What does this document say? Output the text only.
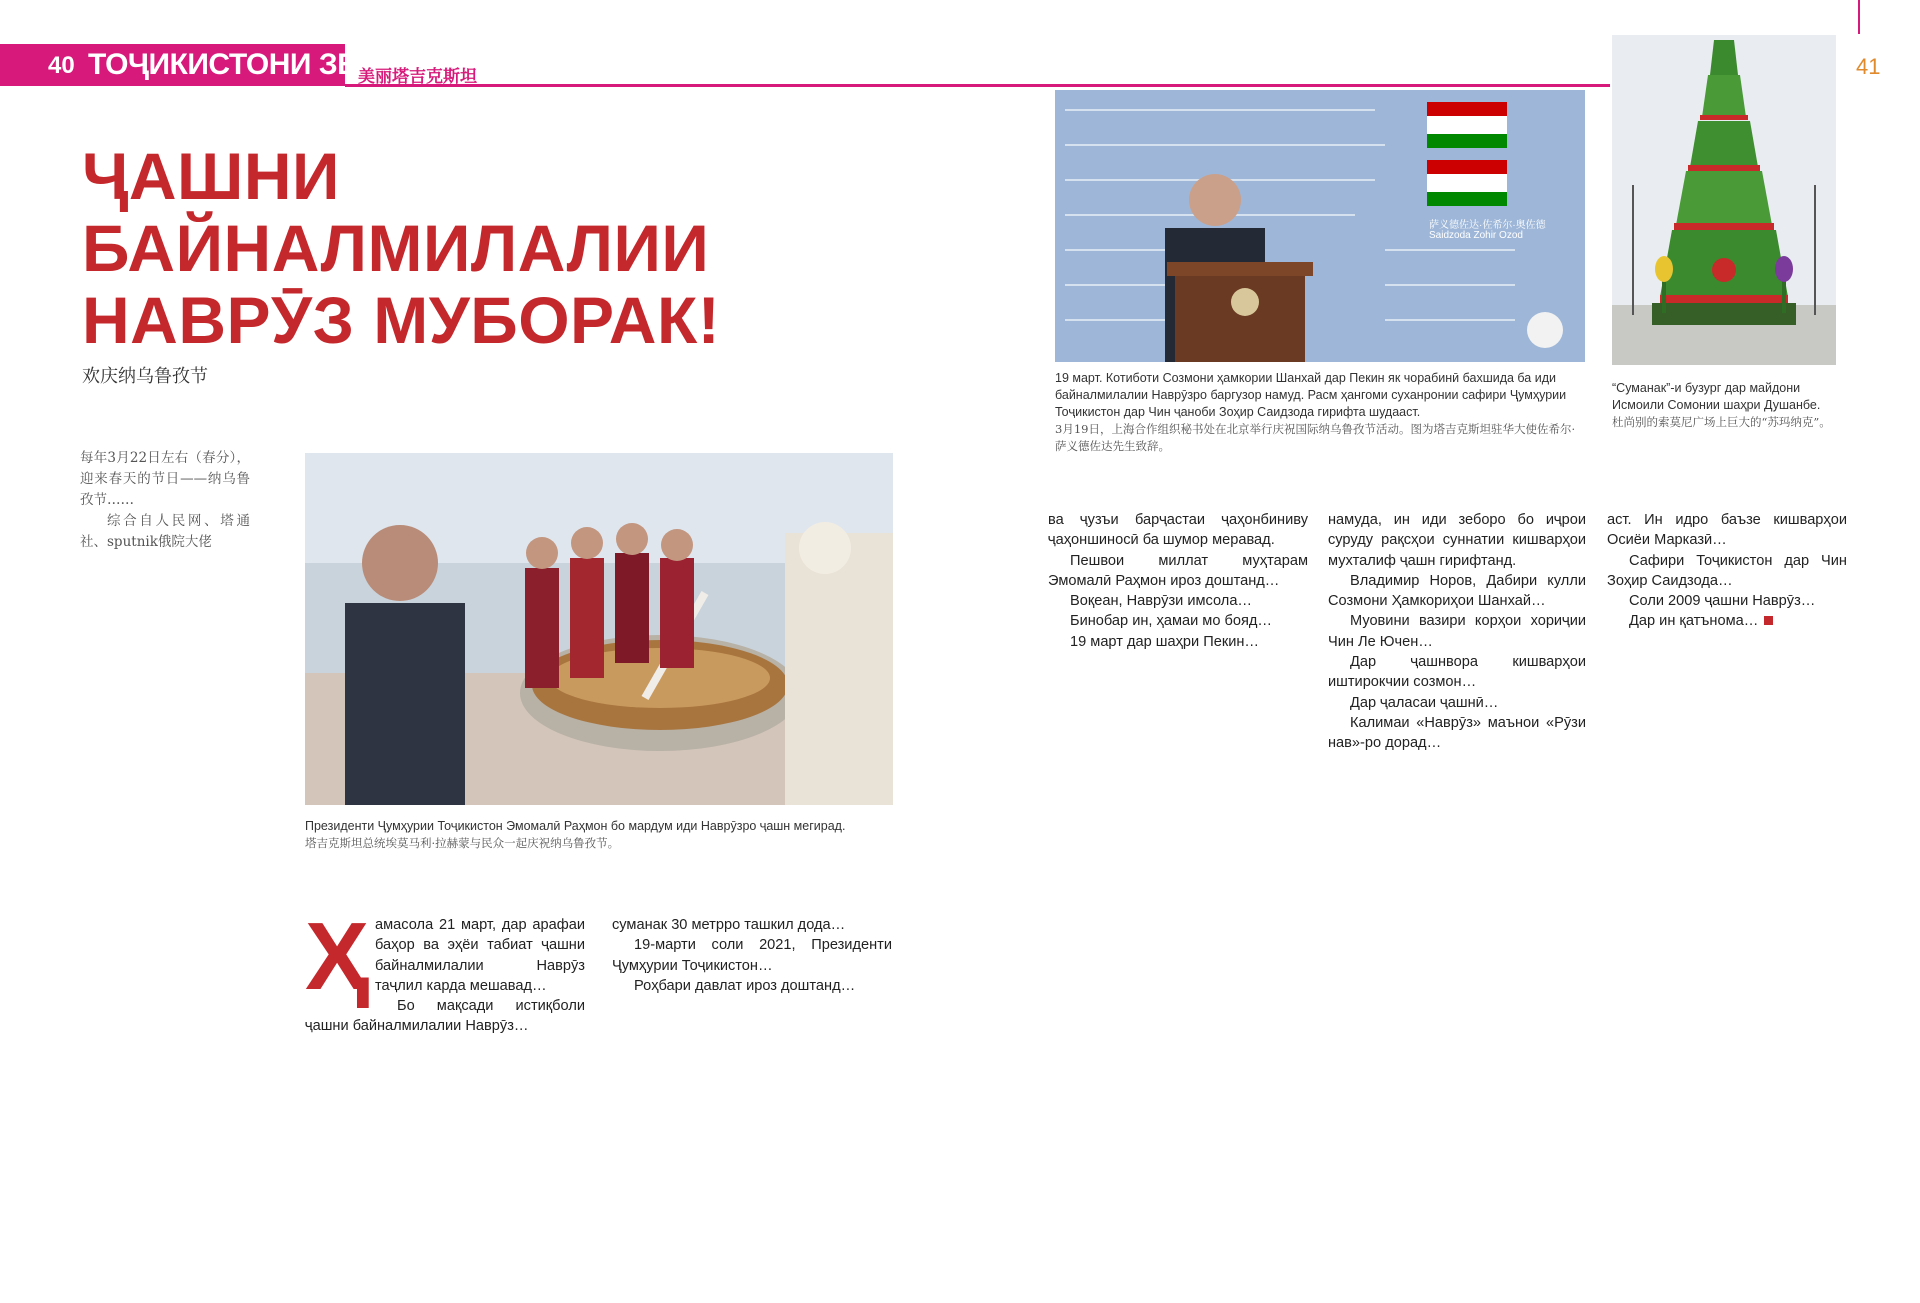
40 ТОҶИКИСТОНИ ЗЕБО
美丽塔吉克斯坦	41
ҶАШНИ
БАЙНАЛМИЛАЛИИ
НАВРӮЗ МУБОРАК!
欢庆纳乌鲁孜节

每年3月22日左右（春分），迎来春天的节日——纳乌鲁孜节……

综合自人民网、塔通社、sputnik俄院大佬

Президенти Ҷумҳурии Тоҷикистон Эмомалӣ Раҳмон бо мардум иди Наврӯзро ҷашн мегирад.
塔吉克斯坦总统埃莫马利·拉赫蒙与民众一起庆祝纳乌鲁孜节。
萨义德佐达·佐希尔·奥佐德
Saidzoda Zohir Ozod
19 март. Котиботи Созмони ҳамкории Шанхай дар Пекин як чорабинӣ бахшида ба иди байналмилалии Наврӯзро баргузор намуд. Расм ҳангоми суханронии сафири Ҷумҳурии Тоҷикистон дар Чин ҷаноби Зоҳир Саидзода гирифта шудааст.
3月19日，上海合作组织秘书处在北京举行庆祝国际纳乌鲁孜节活动。图为塔吉克斯坦驻华大使佐希尔·萨义德佐达先生致辞。
“Суманак”-и бузург дар майдони Исмоили Сомонии шаҳри Душанбе.
杜尚别的索莫尼广场上巨大的“苏玛纳克”。
Ҳ амасола 21 март, дар арафаи баҳор ва эҳёи табиат ҷашни байналмилалии Наврӯз таҷлил карда мешавад…

Бо мақсади истиқболи ҷашни байналмилалии Наврӯз…

суманак 30 метрро ташкил дода…

19-марти соли 2021, Президенти Ҷумҳурии Тоҷикистон…

Роҳбари давлат ироз доштанд…

ва ҷузъи барҷастаи ҷаҳонбиниву ҷаҳоншиносӣ ба шумор меравад.

Пешвои миллат муҳтарам Эмомалӣ Раҳмон ироз доштанд…

Воқеан, Наврӯзи имсола…

Бинобар ин, ҳамаи мо бояд…

19 март дар шаҳри Пекин…

намуда, ин иди зеборо бо иҷрои суруду рақсҳои суннатии кишварҳои мухталиф ҷашн гирифтанд.

Владимир Норов, Дабири кулли Созмони Ҳамкориҳои Шанхай…

Муовини вазири корҳои хориҷии Чин Ле Ючен…

Дар ҷашнвора кишварҳои иштирокчии созмон…

Дар ҷаласаи ҷашнӣ…

Калимаи «Наврӯз» маънои «Рӯзи нав»-ро дорад…

аст. Ин идро баъзе кишварҳои Осиёи Марказӣ…

Сафири Тоҷикистон дар Чин Зоҳир Саидзода…

Соли 2009 ҷашни Наврӯз…

Дар ин қатънома…
